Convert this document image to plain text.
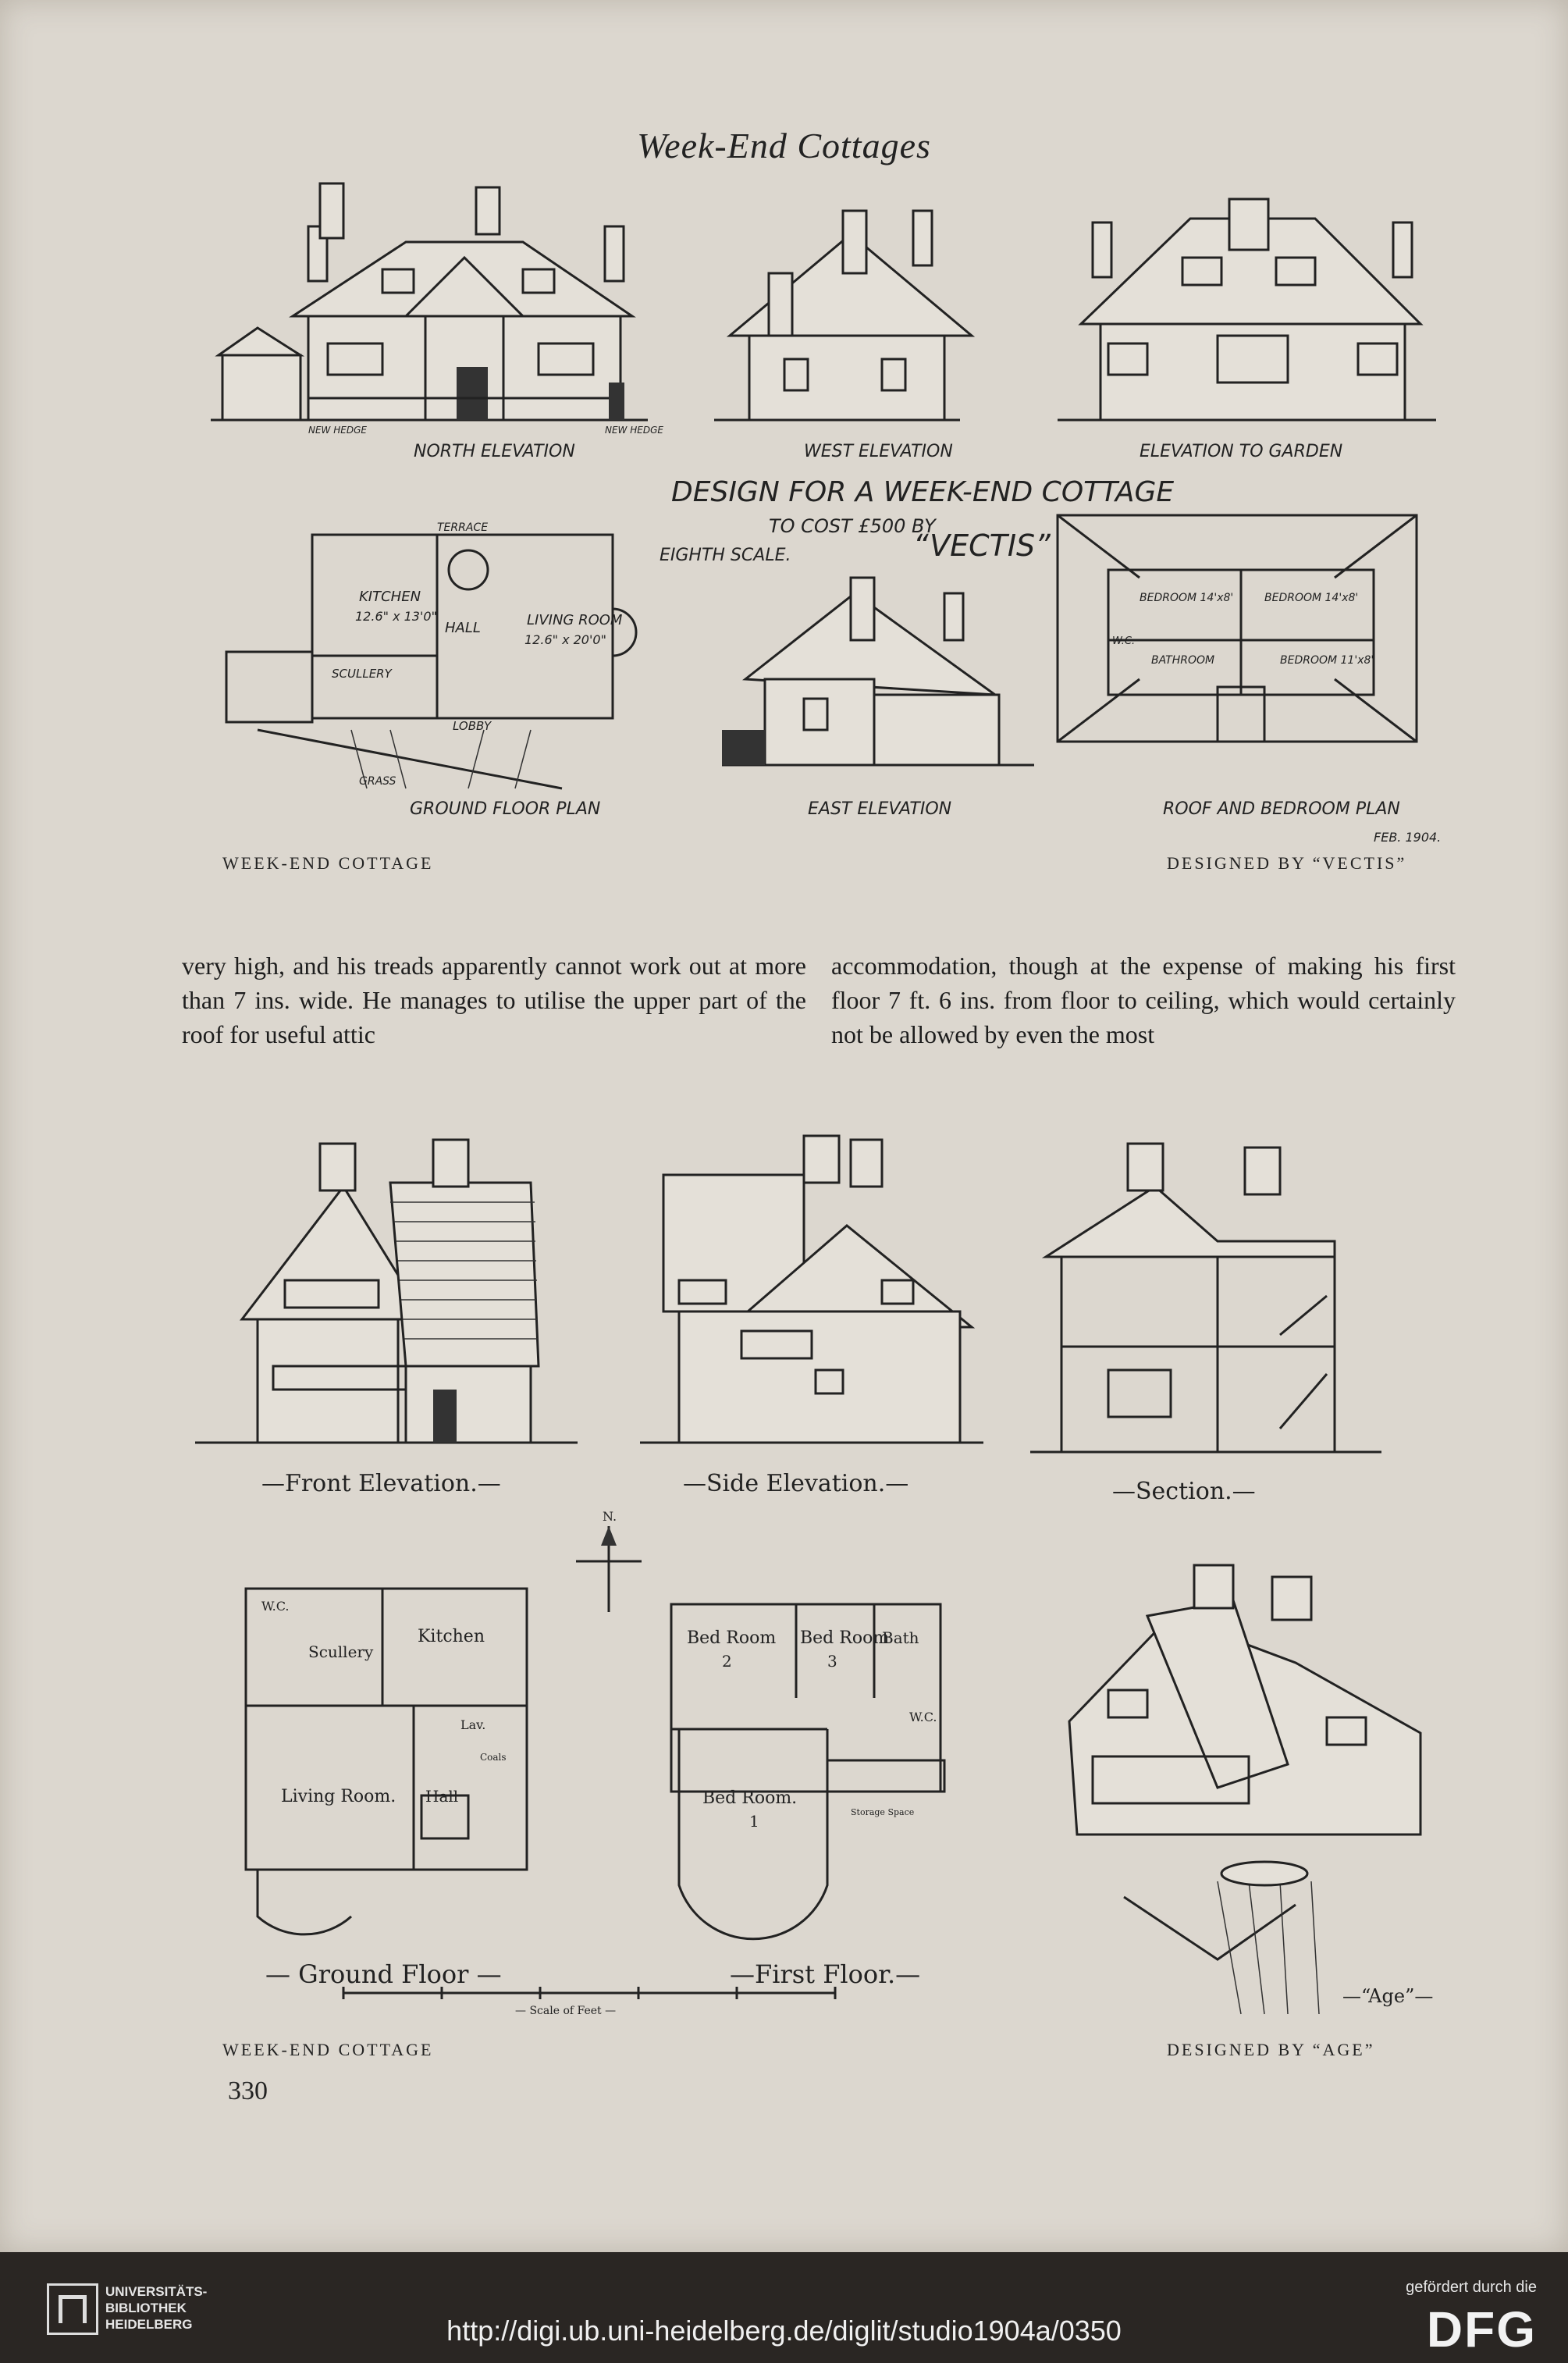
Week-End Cottages
NORTH ELEVATION
NEW HEDGE	NEW HEDGE
WEST ELEVATION	ELEVATION TO GARDEN
DESIGN FOR A WEEK-END COTTAGE
TO COST £500 BY
EIGHTH SCALE.	“VECTIS”
KITCHEN
12.6" x 13'0"	LIVING ROOM
12.6" x 20'0"
HALL
SCULLERY
LOBBY
TERRACE
GRASS
GROUND FLOOR PLAN	EAST ELEVATION
BEDROOM 14'x8'	BEDROOM 14'x8'
BEDROOM 11'x8'
BATHROOM
W.C.
ROOF AND BEDROOM PLAN
FEB. 1904.
WEEK-END COTTAGE	DESIGNED BY “VECTIS”
very high, and his treads apparently cannot work out at more than 7 ins. wide. He manages to utilise the upper part of the roof for useful attic
accommodation, though at the expense of making his first floor 7 ft. 6 ins. from floor to ceiling, which would certainly not be allowed by even the most
—Front Elevation.—	—Side Elevation.—	—Section.—
N.
Kitchen
Scullery
Living Room. Hall
Lav.
W.C.
Coals
— Ground Floor —
Bed Room
2
Bed Room
3
Bath
W.C.
Bed Room.
1	Storage Space
—First Floor.—
— Scale of Feet —
—“Age”—
WEEK-END COTTAGE	DESIGNED BY “AGE”
330
UNIVERSITÄTS-
BIBLIOTHEK
HEIDELBERG	http://digi.ub.uni-heidelberg.de/diglit/studio1904a/0350
gefördert durch die
DFG
